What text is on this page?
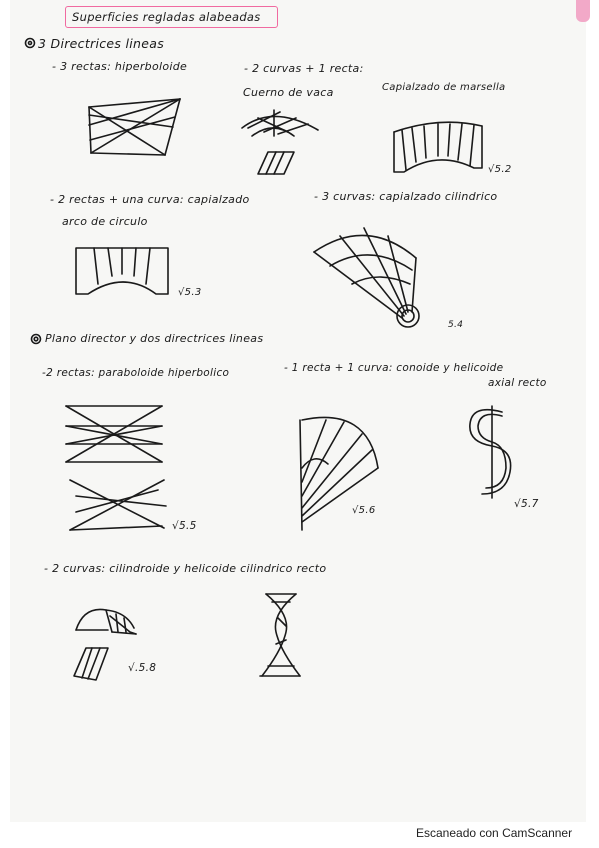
Superficies regladas alabeadas
3 Directrices lineas
- 3 rectas: hiperboloide	- 2 curvas + 1 recta:
Cuerno de vaca	Capialzado de marsella
√5.2
- 2 rectas + una curva: capialzado
arco de circulo
- 3 curvas: capialzado cilindrico
√5.3
5.4
Plano director y dos directrices lineas
-2 rectas: paraboloide hiperbolico	- 1 recta + 1 curva: conoide y helicoide
axial recto
√5.5
√5.6
√5.7
- 2 curvas: cilindroide y helicoide cilindrico recto
√.5.8
Escaneado con CamScanner
